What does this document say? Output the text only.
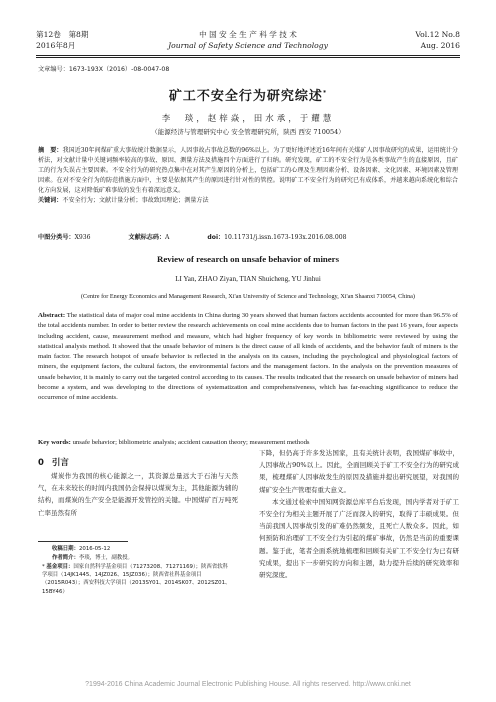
第12卷　第8期
2016年8月
中 国 安 全 生 产 科 学 技 术
Journal of Safety Science and Technology
Vol.12 No.8
Aug. 2016
文章编号：1673-193X（2016）-08-0047-08
矿工不安全行为研究综述*
李　琰，赵梓焱，田水承，于耀慧
（能源经济与管理研究中心 安全管理研究所，陕西 西安 710054）
摘　要：我国近30年间煤矿重大事故统计数据显示，人因事故占事故总数的96%以上。为了更好地评述近16年间有关煤矿人因事故研究的成果，运用统计分析法，对文献计量中关键词频率较高的事故、原因、测量方法及措施四个方面进行了归纳。研究发现，矿工的不安全行为是各类事故产生的直接原因，且矿工的行为失误占主要因素。不安全行为的研究热点集中在对其产生原因的分析上，包括矿工的心理及生理因素分析、设备因素、文化因素、环境因素及管理因素。在对不安全行为的防范措施方面中，主要是依据其产生的原因进行针对性的管控。说明矿工不安全行为的研究已有成体系，并越来越向系统化和综合化方向发展，这对降低矿难事故的发生有着深远意义。
关键词：不安全行为；文献计量分析；事故致因理论；测量方法
中图分类号：X936	文献标志码：A	doi：10.11731/j.issn.1673-193x.2016.08.008
Review of research on unsafe behavior of miners
LI Yan, ZHAO Ziyan, TIAN Shuicheng, YU Jinhui
(Centre for Energy Economics and Management Research, Xi'an University of Science and Technology, Xi'an Shaanxi 710054, China)
Abstract: The statistical data of major coal mine accidents in China during 30 years showed that human factors accidents accounted for more than 96.5% of the total accidents number. In order to better review the research achievements on coal mine accidents due to human factors in the past 16 years, four aspects including accident, cause, measurement method and measure, which had higher frequency of key words in bibliometric were reviewed by using the statistical analysis method. It showed that the unsafe behavior of miners is the direct cause of all kinds of accidents, and the behavior fault of miners is the main factor. The research hotspot of unsafe behavior is reflected in the analysis on its causes, including the psychological and physiological factors of miners, the equipment factors, the cultural factors, the environmental factors and the management factors. In the analysis on the prevention measures of unsafe behavior, it is mainly to carry out the targeted control according to its causes. The results indicated that the research on unsafe behavior of miners had become a system, and was developing to the directions of systematization and comprehensiveness, which has far-reaching significance to reduce the occurrence of mine accidents.
Key words: unsafe behavior; bibliometric analysis; accident causation theory; measurement methods
0 引言

煤炭作为我国的核心能源之一，其资源总量远大于石油与天然气，在未来较长的时间内我国仍会保持以煤炭为主，其他能源为辅的结构，而煤炭的生产安全是能源开发管控的关键。中国煤矿百万吨死亡率虽然有所

下降，但仍高于许多发达国家，且有关统计表明，我国煤矿事故中，人因事故占90%以上。因此，全面回顾关于矿工不安全行为的研究成果，梳理煤矿人因事故发生的原因及措施并提出研究展望，对我国的煤矿安全生产管理有重大意义。

本文通过检索中国知网资源总库平台后发现，国内学者对于矿工不安全行为相关主题开展了广泛而深入的研究，取得了丰硕成果。但当前我国人因事故引发的矿难仍然频发，且死亡人数众多。因此，如何预防和治理矿工不安全行为引起的煤矿事故，仍然是当前的重要课题。鉴于此，笔者全面系统地梳理和回顾有关矿工不安全行为已有研究成果，提出下一步研究的方向和主题，助力提升后续的研究效率和研究深度。

收稿日期：2016-05-12
作者简介：李琰，博士，副教授。
* 基金项目：国家自然科学基金项目（71273208、71271169）；陕西省软科学项目（14JK1445、14JZ026、15JZ036）；陕西省社科基金项目（2015R043）；西安科技大学项目（2013SY01、2014SK07、2012SZ01、15BY46）
?1994-2016 China Academic Journal Electronic Publishing House. All rights reserved. http://www.cnki.net
